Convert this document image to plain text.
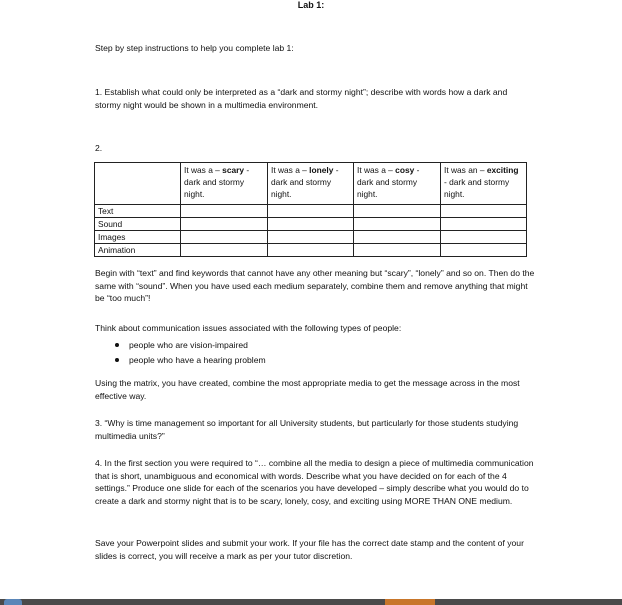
Lab 1:

Step by step instructions to help you complete lab 1:

1. Establish what could only be interpreted as a “dark and stormy night”; describe with words how a dark and stormy night would be shown in a multimedia environment.

2.

	It was a – scary - dark and stormy night.	It was a – lonely - dark and stormy night.	It was a – cosy - dark and stormy night.	It was an – exciting - dark and stormy night.
Text				
Sound				
Images				
Animation				

Begin with “text” and find keywords that cannot have any other meaning but “scary”, “lonely” and so on. Then do the same with “sound”. When you have used each medium separately, combine them and remove anything that might be “too much”!

Think about communication issues associated with the following types of people:

people who are vision-impaired
people who have a hearing problem

Using the matrix, you have created, combine the most appropriate media to get the message across in the most effective way.

3. “Why is time management so important for all University students, but particularly for those students studying multimedia units?”

4. In the first section you were required to “… combine all the media to design a piece of multimedia communication that is short, unambiguous and economical with words. Describe what you have decided on for each of the 4 settings.” Produce one slide for each of the scenarios you have developed – simply describe what you would do to create a dark and stormy night that is to be scary, lonely, cosy, and exciting using MORE THAN ONE medium.

Save your Powerpoint slides and submit your work. If your file has the correct date stamp and the content of your slides is correct, you will receive a mark as per your tutor discretion.
